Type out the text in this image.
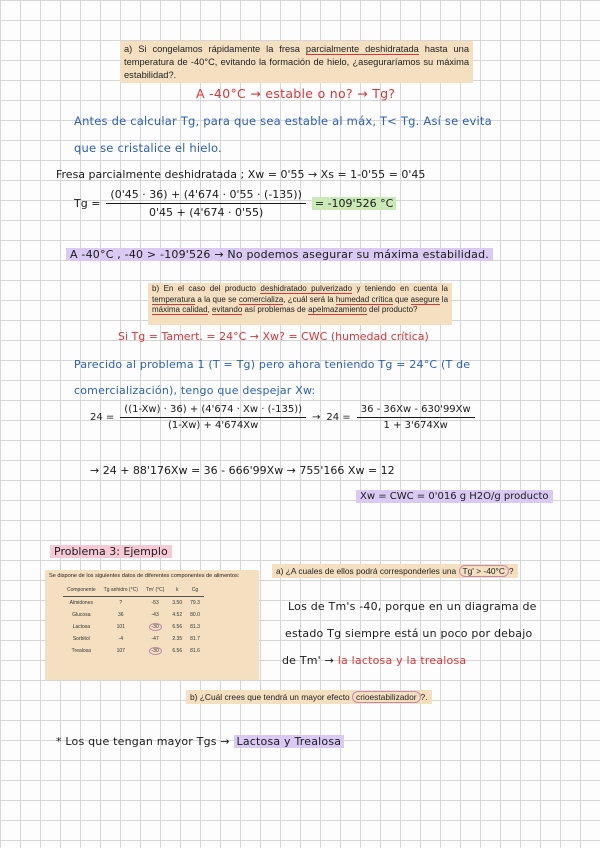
a) Si congelamos rápidamente la fresa parcialmente deshidratada hasta una temperatura de -40°C, evitando la formación de hielo, ¿aseguraríamos su máxima estabilidad?.
A -40°C → estable o no? → Tg?
Antes de calcular Tg, para que sea estable al máx, T< Tg. Así se evita
que se cristalice el hielo.
Fresa parcialmente deshidratada ; Xw = 0'55 → Xs = 1-0'55 = 0'45
$Tg = \frac{(0'45 \cdot 36) + (4'674 \cdot 0'55 \cdot (-135))}{0'45 + (4'674 \cdot 0'55)} = -109'526$ °C
A -40°C , -40 > -109'526 → No podemos asegurar su máxima estabilidad.
b) En el caso del producto deshidratado pulverizado y teniendo en cuenta la temperatura a la que se comercializa, ¿cuál será la humedad crítica que asegure la máxima calidad, evitando así problemas de apelmazamiento del producto?
Si Tg = Tamert. = 24°C → Xw? = CWC (humedad crítica)
Parecido al problema 1 (T = Tg) pero ahora teniendo Tg = 24°C (T de
comercialización), tengo que despejar Xw:
$24 = \frac{((1-Xw) \cdot 36) + (4'674 \cdot Xw \cdot (-135))}{(1-Xw) + 4'674Xw} \to 24 = \frac{36 - 36Xw - 630'99Xw}{1 + 3'674Xw}$
→ 24 + 88'176Xw = 36 - 666'99Xw → 755'166 Xw = 12
Xw = CWC = 0'016 g H2O/g producto
Problema 3: Ejemplo
Se dispone de los siguientes datos de diferentes componentes de alimentos:
Componente	Tg anhidro (°C)	Tm' (°C)	k	Cg
Almidones	?	-53	3.50	79.3
Glucosa	36	-43	4.52	80.0
Lactosa	101	-30	6.56	81.3
Sorbitol	-4	-47	2.35	81.7
Trealosa	107	-30	6.56	81.6
a) ¿A cuales de ellos podrá corresponderles una Tg' > -40°C ?
Los de Tm's -40, porque en un diagrama de
estado Tg siempre está un poco por debajo
de Tm' → la lactosa y la trealosa
b) ¿Cuál crees que tendrá un mayor efecto crioestabilizador ?.
* Los que tengan mayor Tgs → Lactosa y Trealosa
